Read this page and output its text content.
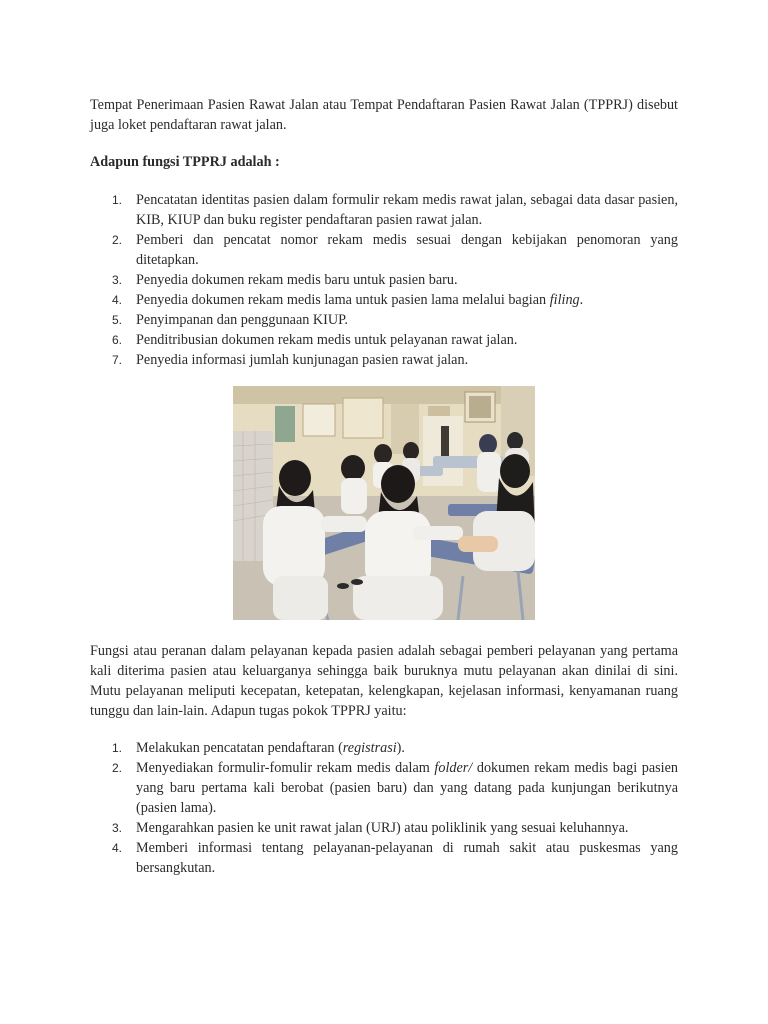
Tempat Penerimaan Pasien Rawat Jalan atau Tempat Pendaftaran Pasien Rawat Jalan (TPPRJ) disebut juga loket pendaftaran rawat jalan.

Adapun fungsi TPPRJ adalah :

1. Pencatatan identitas pasien dalam formulir rekam medis rawat jalan, sebagai data dasar pasien, KIB, KIUP dan buku register pendaftaran pasien rawat jalan.
2. Pemberi dan pencatat nomor rekam medis sesuai dengan kebijakan penomoran yang ditetapkan.
3. Penyedia dokumen rekam medis baru untuk pasien baru.
4. Penyedia dokumen rekam medis lama untuk pasien lama melalui bagian filing.
5. Penyimpanan dan penggunaan KIUP.
6. Penditribusian dokumen rekam medis untuk pelayanan rawat jalan.
7. Penyedia informasi jumlah kunjunagan pasien rawat jalan.

Fungsi atau peranan dalam pelayanan kepada pasien adalah sebagai pemberi pelayanan yang pertama kali diterima pasien atau keluarganya sehingga baik buruknya mutu pelayanan akan dinilai di sini. Mutu pelayanan meliputi kecepatan, ketepatan, kelengkapan, kejelasan informasi, kenyamanan ruang tunggu dan lain-lain. Adapun tugas pokok TPPRJ yaitu:

1. Melakukan pencatatan pendaftaran (registrasi).
2. Menyediakan formulir-fomulir rekam medis dalam folder/ dokumen rekam medis bagi pasien yang baru pertama kali berobat (pasien baru) dan yang datang pada kunjungan berikutnya (pasien lama).
3. Mengarahkan pasien ke unit rawat jalan (URJ) atau poliklinik yang sesuai keluhannya.
4. Memberi informasi tentang pelayanan-pelayanan di rumah sakit atau puskesmas yang bersangkutan.
